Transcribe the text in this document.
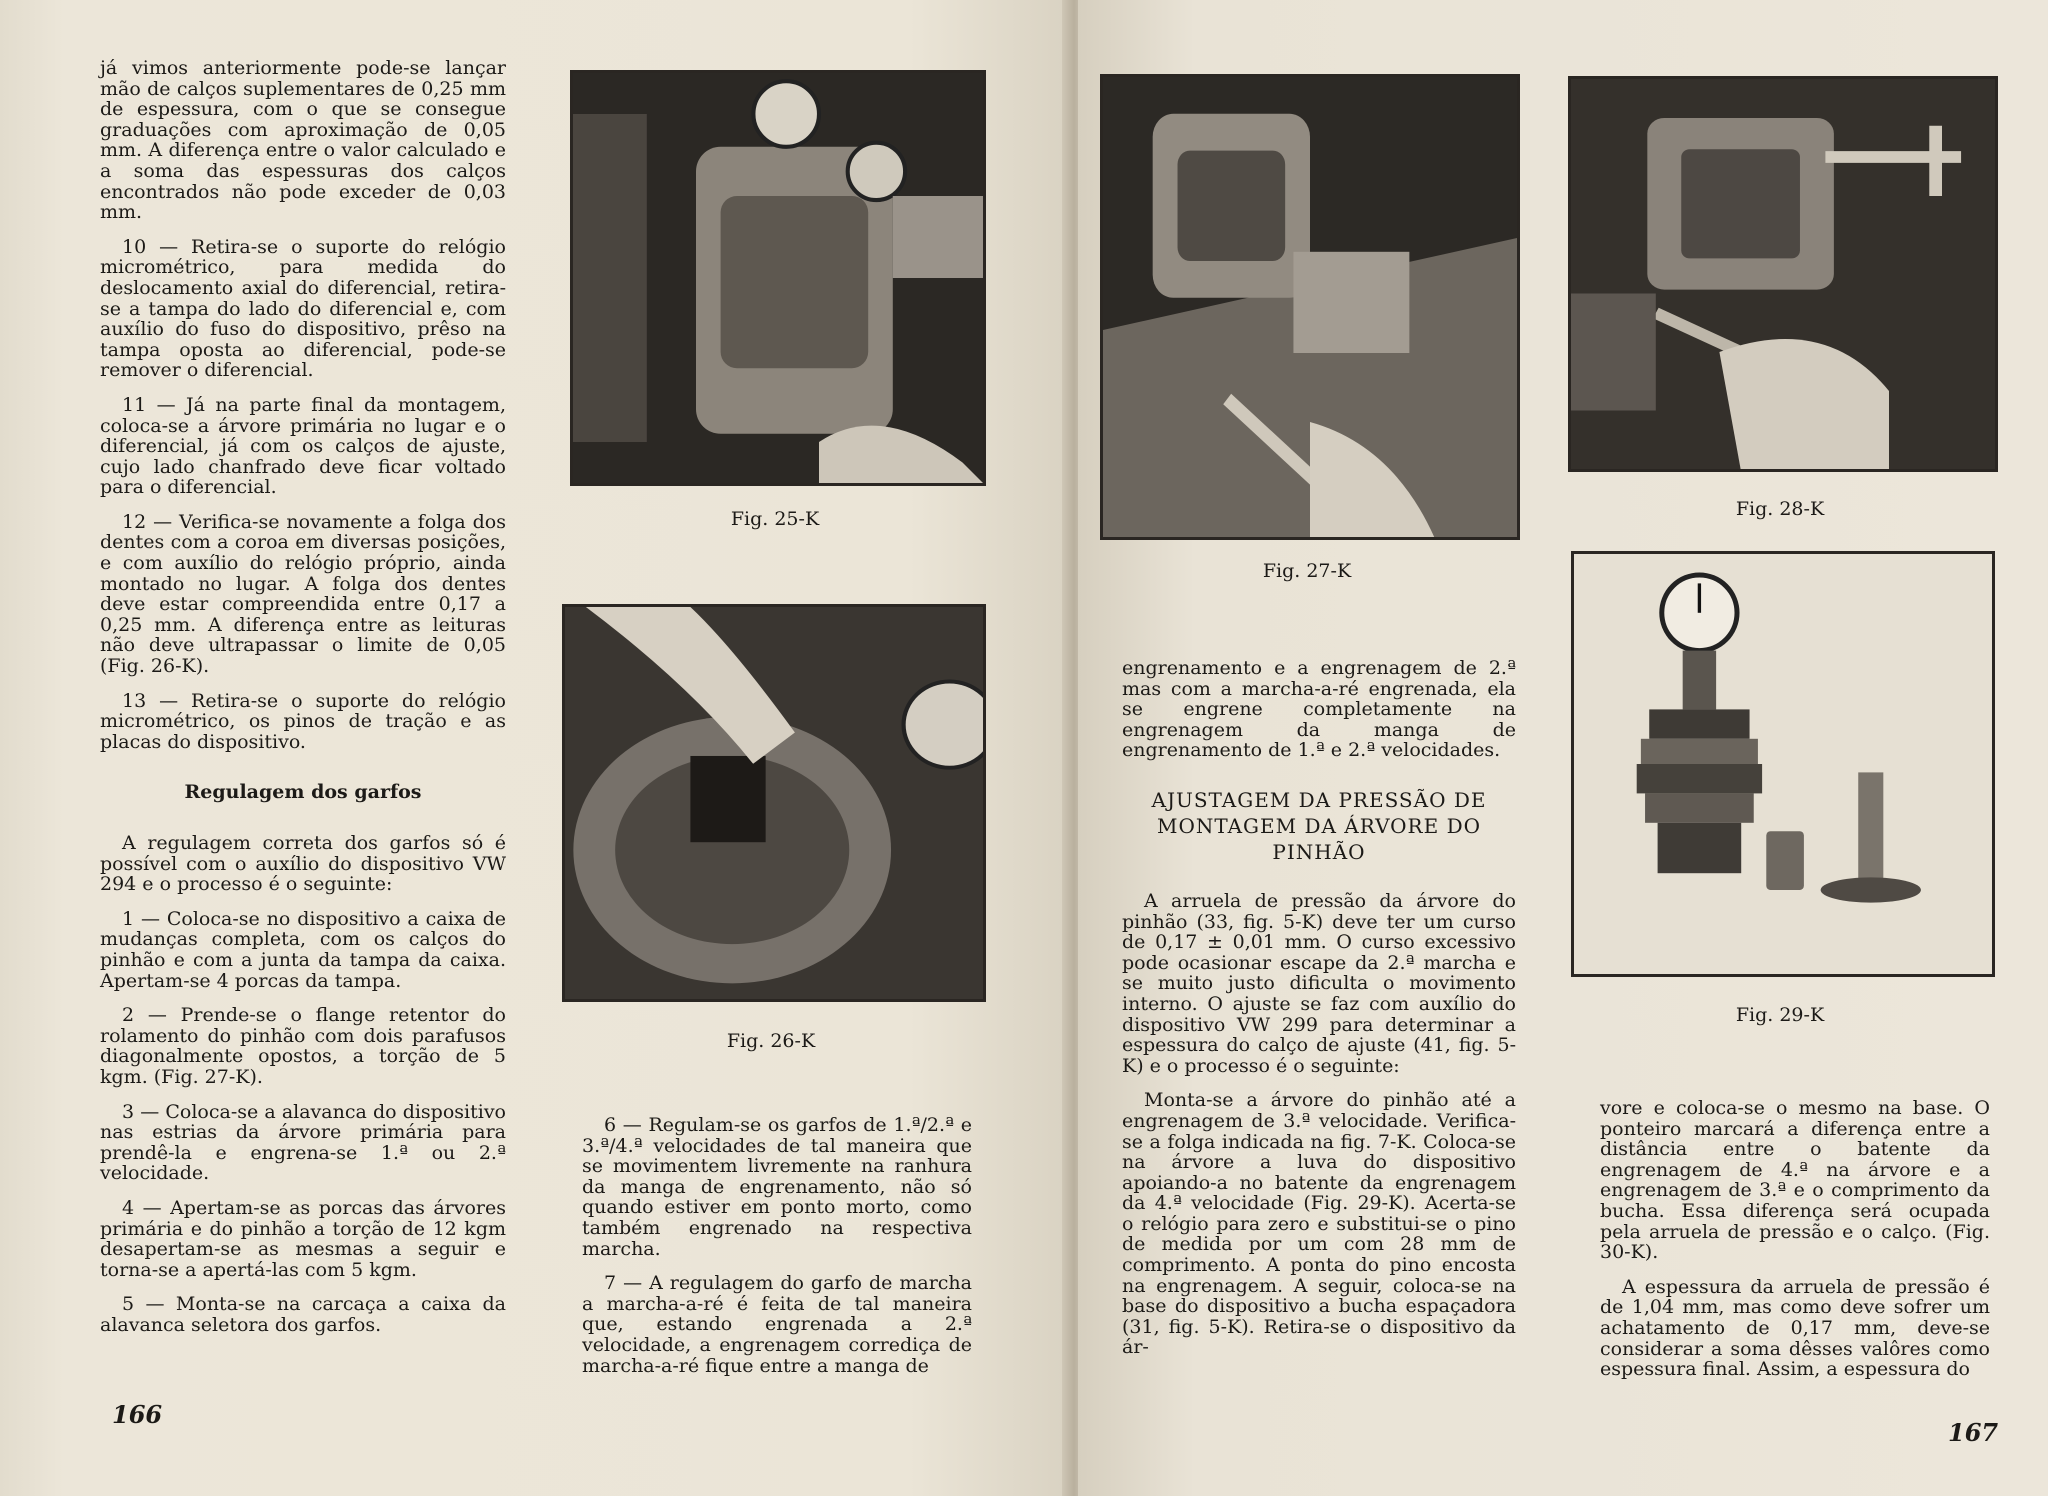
já vimos anteriormente pode-se lançar mão de calços suplementares de 0,25 mm de espessura, com o que se consegue graduações com aproximação de 0,05 mm. A diferença entre o valor calculado e a soma das espessuras dos calços encontrados não pode exceder de 0,03 mm.

10 — Retira-se o suporte do relógio micrométrico, para medida do deslocamento axial do diferencial, retira-se a tampa do lado do diferencial e, com auxílio do fuso do dispositivo, prêso na tampa oposta ao diferencial, pode-se remover o diferencial.

11 — Já na parte final da montagem, coloca-se a árvore primária no lugar e o diferencial, já com os calços de ajuste, cujo lado chanfrado deve ficar voltado para o diferencial.

12 — Verifica-se novamente a folga dos dentes com a coroa em diversas posições, e com auxílio do relógio próprio, ainda montado no lugar. A folga dos dentes deve estar compreendida entre 0,17 a 0,25 mm. A diferença entre as leituras não deve ultrapassar o limite de 0,05 (Fig. 26-K).

13 — Retira-se o suporte do relógio micrométrico, os pinos de tração e as placas do dispositivo.

Regulagem dos garfos

A regulagem correta dos garfos só é possível com o auxílio do dispositivo VW 294 e o processo é o seguinte:

1 — Coloca-se no dispositivo a caixa de mudanças completa, com os calços do pinhão e com a junta da tampa da caixa. Apertam-se 4 porcas da tampa.

2 — Prende-se o flange retentor do rolamento do pinhão com dois parafusos diagonalmente opostos, a torção de 5 kgm. (Fig. 27-K).

3 — Coloca-se a alavanca do dispositivo nas estrias da árvore primária para prendê-la e engrena-se 1.ª ou 2.ª velocidade.

4 — Apertam-se as porcas das árvores primária e do pinhão a torção de 12 kgm desapertam-se as mesmas a seguir e torna-se a apertá-las com 5 kgm.

5 — Monta-se na carcaça a caixa da alavanca seletora dos garfos.

Fig. 25-K
Fig. 26-K

6 — Regulam-se os garfos de 1.ª/2.ª e 3.ª/4.ª velocidades de tal maneira que se movimentem livremente na ranhura da manga de engrenamento, não só quando estiver em ponto morto, como também engrenado na respectiva marcha.

7 — A regulagem do garfo de marcha a marcha-a-ré é feita de tal maneira que, estando engrenada a 2.ª velocidade, a engrenagem corrediça de marcha-a-ré fique entre a manga de

166
Fig. 27-K
Fig. 28-K
Fig. 29-K

engrenamento e a engrenagem de 2.ª mas com a marcha-a-ré engrenada, ela se engrene completamente na engrenagem da manga de engrenamento de 1.ª e 2.ª velocidades.

AJUSTAGEM DA PRESSÃO DE MONTAGEM DA ÁRVORE DO PINHÃO

A arruela de pressão da árvore do pinhão (33, fig. 5-K) deve ter um curso de 0,17 ± 0,01 mm. O curso excessivo pode ocasionar escape da 2.ª marcha e se muito justo dificulta o movimento interno. O ajuste se faz com auxílio do dispositivo VW 299 para determinar a espessura do calço de ajuste (41, fig. 5-K) e o processo é o seguinte:

Monta-se a árvore do pinhão até a engrenagem de 3.ª velocidade. Verifica-se a folga indicada na fig. 7-K. Coloca-se na árvore a luva do dispositivo apoiando-a no batente da engrenagem da 4.ª velocidade (Fig. 29-K). Acerta-se o relógio para zero e substitui-se o pino de medida por um com 28 mm de comprimento. A ponta do pino encosta na engrenagem. A seguir, coloca-se na base do dispositivo a bucha espaçadora (31, fig. 5-K). Retira-se o dispositivo da ár-

vore e coloca-se o mesmo na base. O ponteiro marcará a diferença entre a distância entre o batente da engrenagem de 4.ª na árvore e a engrenagem de 3.ª e o comprimento da bucha. Essa diferença será ocupada pela arruela de pressão e o calço. (Fig. 30-K).

A espessura da arruela de pressão é de 1,04 mm, mas como deve sofrer um achatamento de 0,17 mm, deve-se considerar a soma dêsses valôres como espessura final. Assim, a espessura do

167
